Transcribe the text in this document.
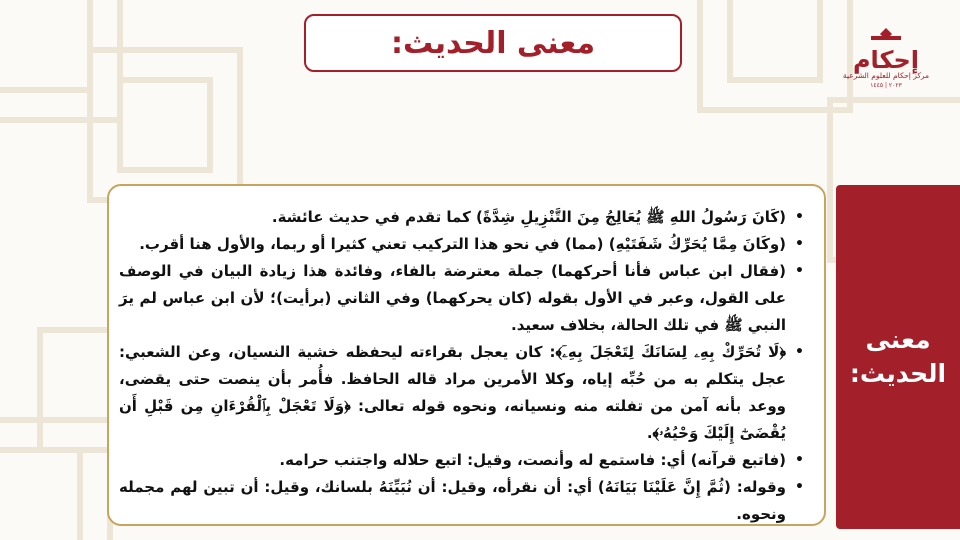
معنى الحديث:	إحكام
مركز إحكام للعلوم الشرعية
٢٠٢٣ | ١٤٤٥
• (كَانَ رَسُولُ اللهِ ﷺ يُعَالِجُ مِنَ التَّنْزِيلِ شِدَّةً) كما تقدم في حديث عائشة.
• (وكَانَ مِمَّا يُحَرِّكُ شَفَتَيْهِ) (مما) في نحو هذا التركيب تعني كثيرا أو ربما، والأول هنا أقرب.
• (فقال ابن عباس فأنا أحركهما) جملة معترضة بالفاء، وفائدة هذا زيادة البيان في الوصف على القول، وعبر في الأول بقوله (كان يحركهما) وفي الثاني (برأيت)؛ لأن ابن عباس لم يرَ النبي ﷺ في تلك الحالة، بخلاف سعيد.
• ﴿لَا تُحَرِّكْ بِهِۦ لِسَانَكَ لِتَعْجَلَ بِهِۦٓ﴾: كان يعجل بقراءته ليحفظه خشية النسيان، وعن الشعبي: عجل يتكلم به من حُبِّه إياه، وكلا الأمرين مراد قاله الحافظ. فأُمر بأن ينصت حتى يقضى، ووعد بأنه آمن من تفلته منه ونسيانه، ونحوه قوله تعالى: ﴿وَلَا تَعْجَلْ بِٱلْقُرْءَانِ مِن قَبْلِ أَن يُقْضَىٰٓ إِلَيْكَ وَحْيُهُۥ﴾.
• (فاتبع قرآنه) أي: فاستمع له وأنصت، وقيل: اتبع حلاله واجتنب حرامه.
• وقوله: (ثُمَّ إِنَّ عَلَيْنَا بَيَانَهُ) أي: أن نقرأه، وقيل: أن نُبَيِّنَهُ بلسانك، وقيل: أن تبين لهم مجمله ونحوه.
معنى الحديث:
